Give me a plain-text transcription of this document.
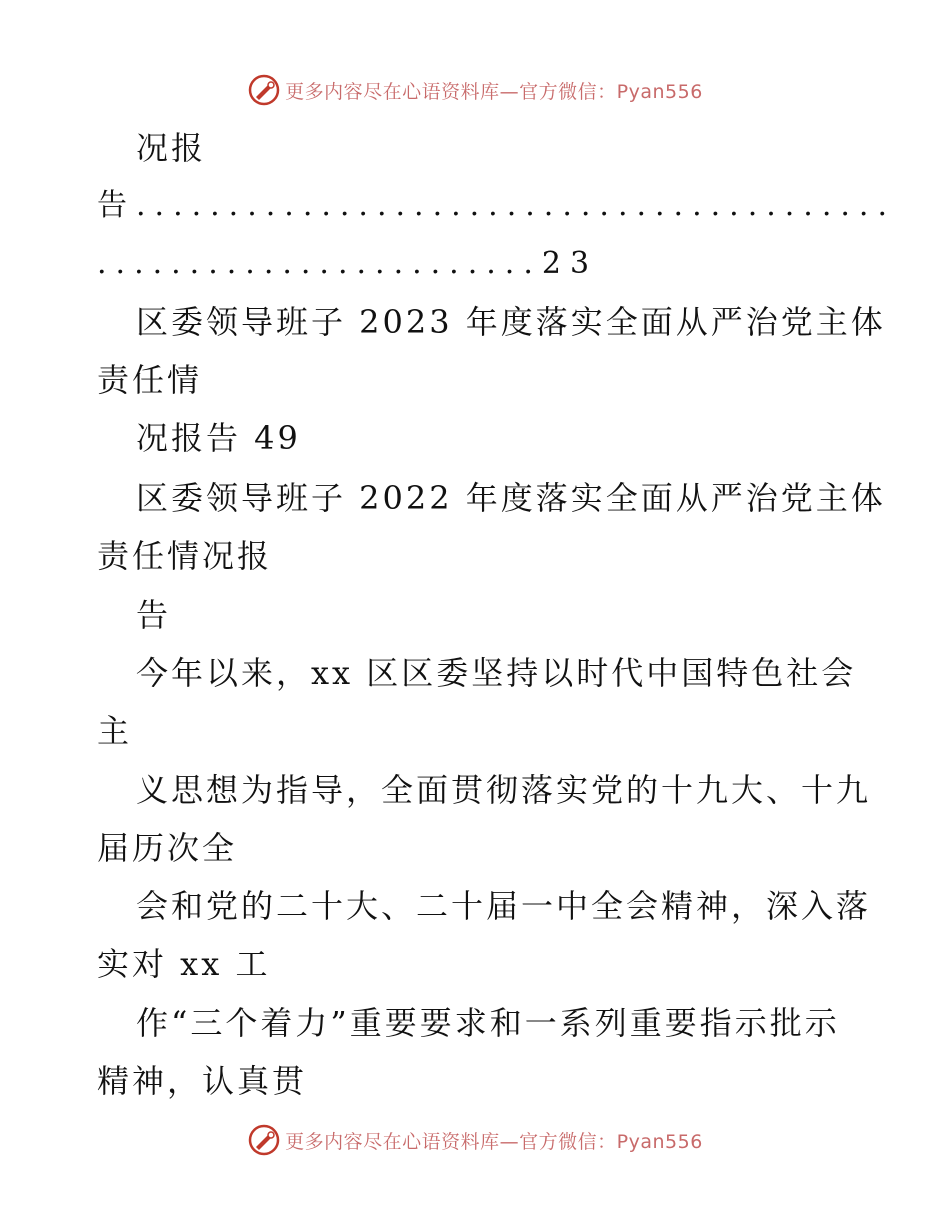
更多内容尽在心语资料库—官方微信：Pyan556
况报
告.........................................
........................23
区委领导班子 2023 年度落实全面从严治党主体
责任情
况报告 49
区委领导班子 2022 年度落实全面从严治党主体
责任情况报
告
今年以来，xx 区区委坚持以时代中国特色社会
主
义思想为指导，全面贯彻落实党的十九大、十九
届历次全
会和党的二十大、二十届一中全会精神，深入落
实对 xx 工
作“三个着力”重要要求和一系列重要指示批示
精神，认真贯
更多内容尽在心语资料库—官方微信：Pyan556
